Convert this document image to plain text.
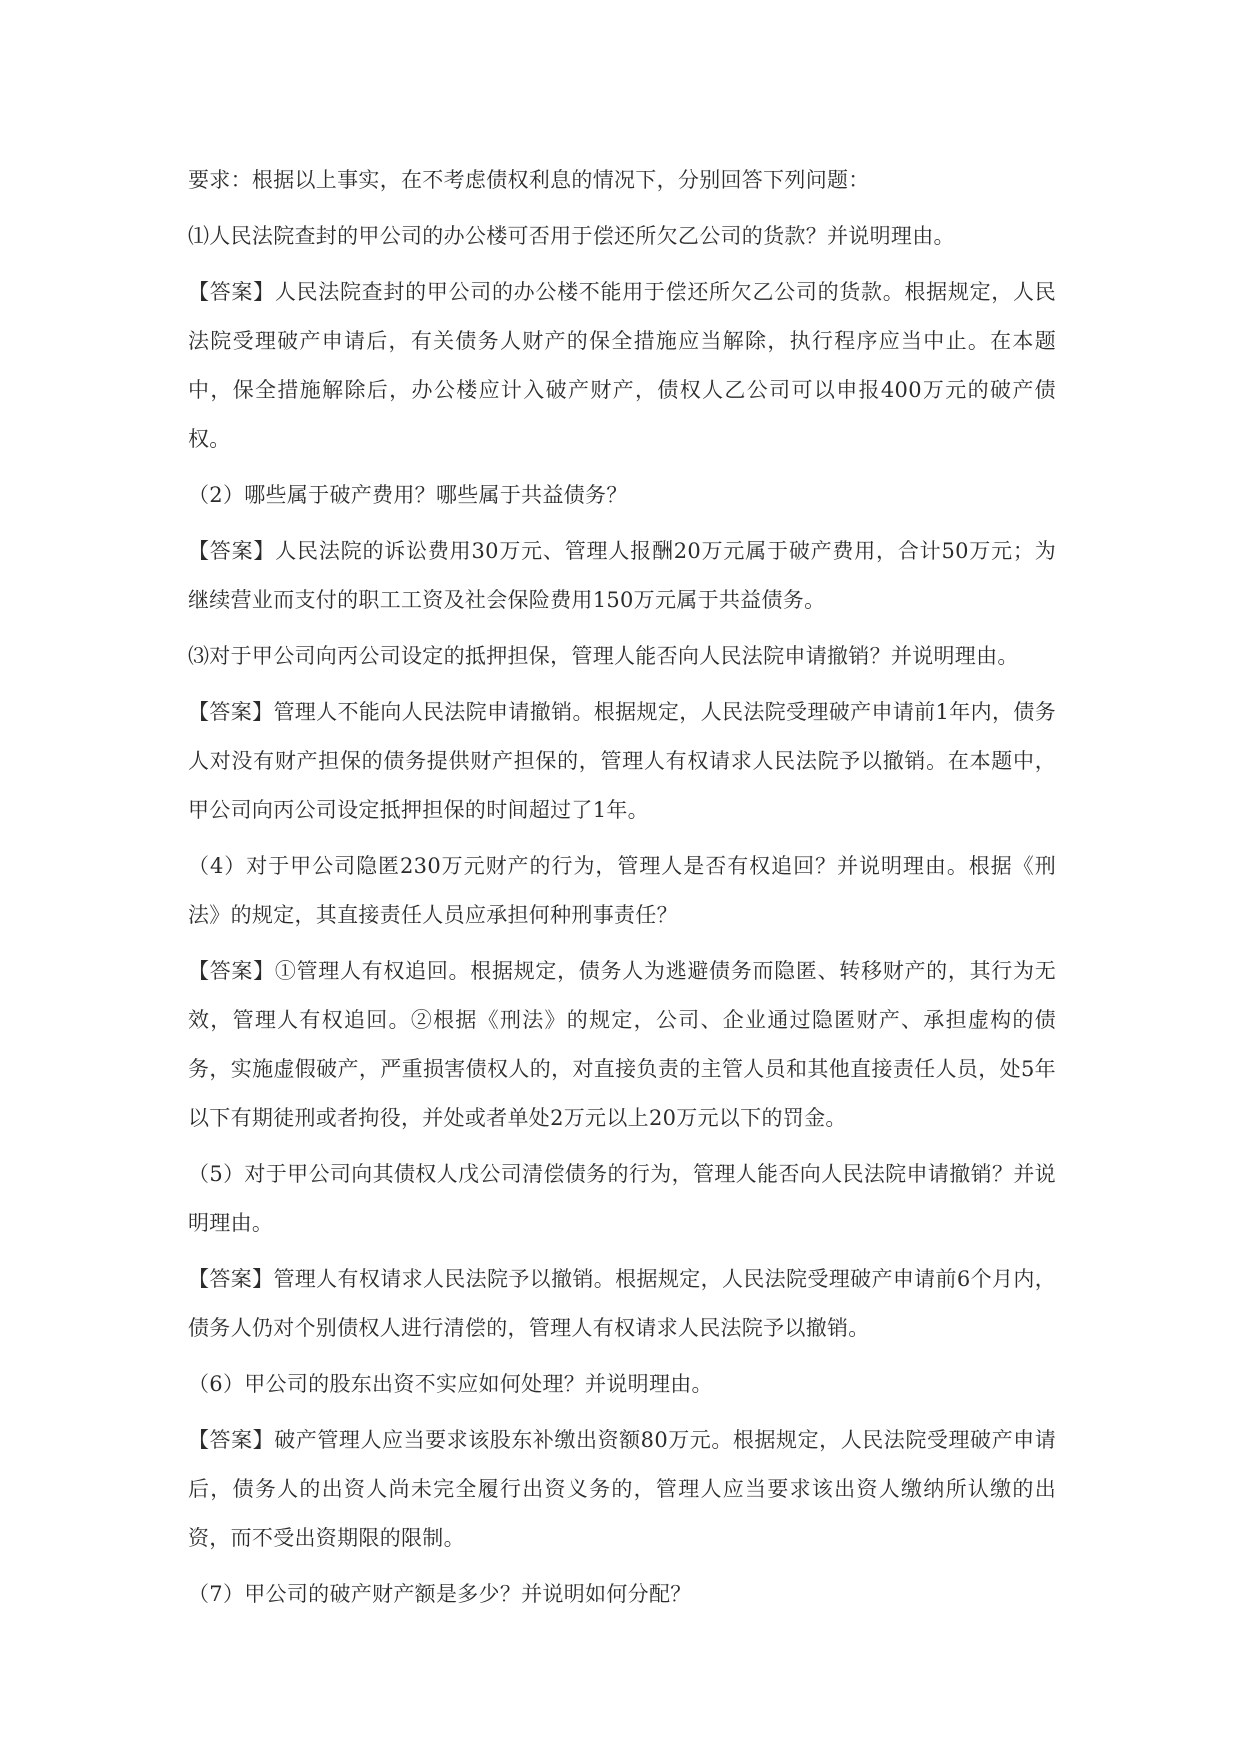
要求：根据以上事实，在不考虑债权利息的情况下，分别回答下列问题：

⑴人民法院查封的甲公司的办公楼可否用于偿还所欠乙公司的货款？并说明理由。

【答案】人民法院查封的甲公司的办公楼不能用于偿还所欠乙公司的货款。根据规定，人民法院受理破产申请后，有关债务人财产的保全措施应当解除，执行程序应当中止。在本题中，保全措施解除后，办公楼应计入破产财产，债权人乙公司可以申报400万元的破产债权。

（2）哪些属于破产费用？哪些属于共益债务？

【答案】人民法院的诉讼费用30万元、管理人报酬20万元属于破产费用，合计50万元；为继续营业而支付的职工工资及社会保险费用150万元属于共益债务。

⑶对于甲公司向丙公司设定的抵押担保，管理人能否向人民法院申请撤销？并说明理由。

【答案】管理人不能向人民法院申请撤销。根据规定，人民法院受理破产申请前1年内，债务人对没有财产担保的债务提供财产担保的，管理人有权请求人民法院予以撤销。在本题中，甲公司向丙公司设定抵押担保的时间超过了1年。

（4）对于甲公司隐匿230万元财产的行为，管理人是否有权追回？并说明理由。根据《刑法》的规定，其直接责任人员应承担何种刑事责任？

【答案】①管理人有权追回。根据规定，债务人为逃避债务而隐匿、转移财产的，其行为无效，管理人有权追回。②根据《刑法》的规定，公司、企业通过隐匿财产、承担虚构的债务，实施虚假破产，严重损害债权人的，对直接负责的主管人员和其他直接责任人员，处5年以下有期徒刑或者拘役，并处或者单处2万元以上20万元以下的罚金。

（5）对于甲公司向其债权人戊公司清偿债务的行为，管理人能否向人民法院申请撤销？并说明理由。

【答案】管理人有权请求人民法院予以撤销。根据规定，人民法院受理破产申请前6个月内，债务人仍对个别债权人进行清偿的，管理人有权请求人民法院予以撤销。

（6）甲公司的股东出资不实应如何处理？并说明理由。

【答案】破产管理人应当要求该股东补缴出资额80万元。根据规定，人民法院受理破产申请后，债务人的出资人尚未完全履行出资义务的，管理人应当要求该出资人缴纳所认缴的出资，而不受出资期限的限制。

（7）甲公司的破产财产额是多少？并说明如何分配？
